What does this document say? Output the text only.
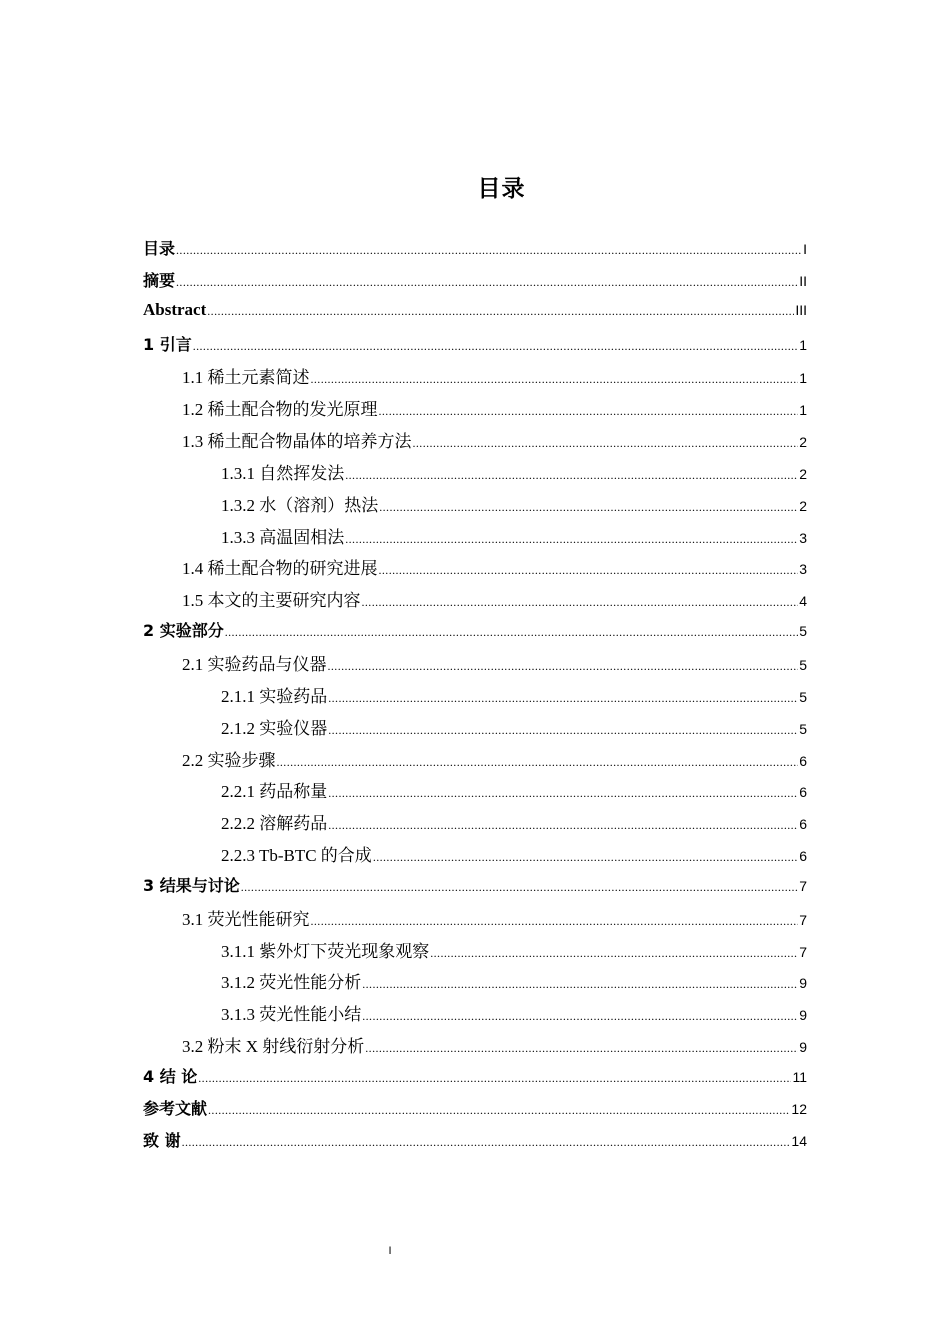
目录
目录 .....	I
摘要 .....	II
Abstract .....	III
1 引言 .....	1
1.1 稀土元素简述 .....	1
1.2 稀土配合物的发光原理 .....	1
1.3 稀土配合物晶体的培养方法 .....	2
1.3.1 自然挥发法 .....	2
1.3.2 水（溶剂）热法 .....	2
1.3.3 高温固相法 .....	3
1.4 稀土配合物的研究进展 .....	3
1.5 本文的主要研究内容 .....	4
2 实验部分 .....	5
2.1 实验药品与仪器 .....	5
2.1.1 实验药品 .....	5
2.1.2 实验仪器 .....	5
2.2 实验步骤 .....	6
2.2.1 药品称量 .....	6
2.2.2 溶解药品 .....	6
2.2.3 Tb-BTC 的合成 .....	6
3 结果与讨论 .....	7
3.1 荧光性能研究 .....	7
3.1.1 紫外灯下荧光现象观察 .....	7
3.1.2 荧光性能分析 .....	9
3.1.3 荧光性能小结 .....	9
3.2 粉末 X 射线衍射分析 .....	9
4 结 论 .....	11
参考文献 .....	12
致 谢 .....	14
I
